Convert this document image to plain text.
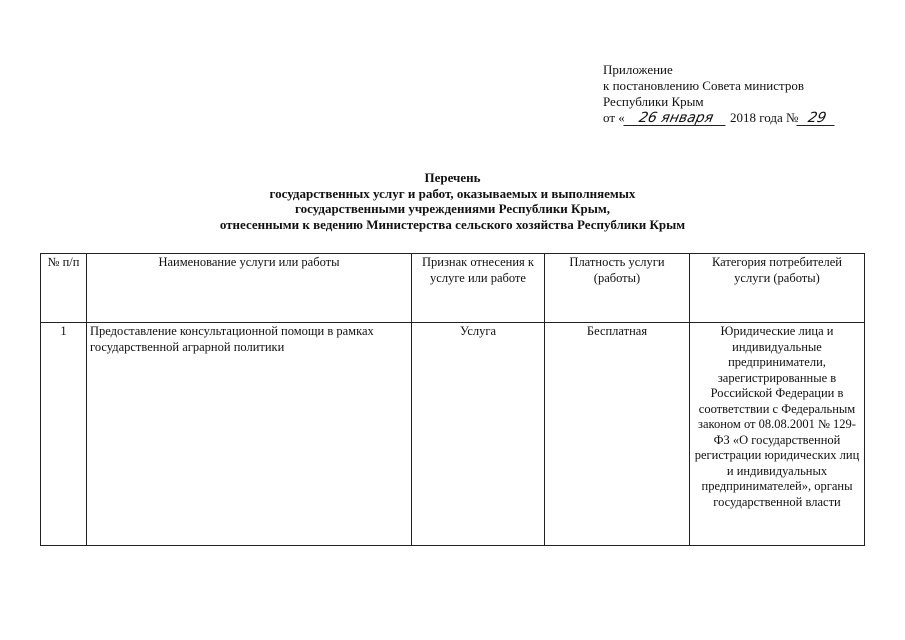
Приложение
к постановлению Совета министров
Республики Крым
от « 26 января 2018 года № 29
Перечень
государственных услуг и работ, оказываемых и выполняемых
государственными учреждениями Республики Крым,
отнесенными к ведению Министерства сельского хозяйства Республики Крым
№ п/п	Наименование услуги или работы	Признак отнесения к услуге или работе	Платность услуги (работы)	Категория потребителей услуги (работы)
1	Предоставление консультационной помощи в рамках государственной аграрной политики	Услуга	Бесплатная	Юридические лица и индивидуальные предприниматели, зарегистрированные в Российской Федерации в соответствии с Федеральным законом от 08.08.2001 № 129-ФЗ «О государственной регистрации юридических лиц и индивидуальных предпринимателей», органы государственной власти
